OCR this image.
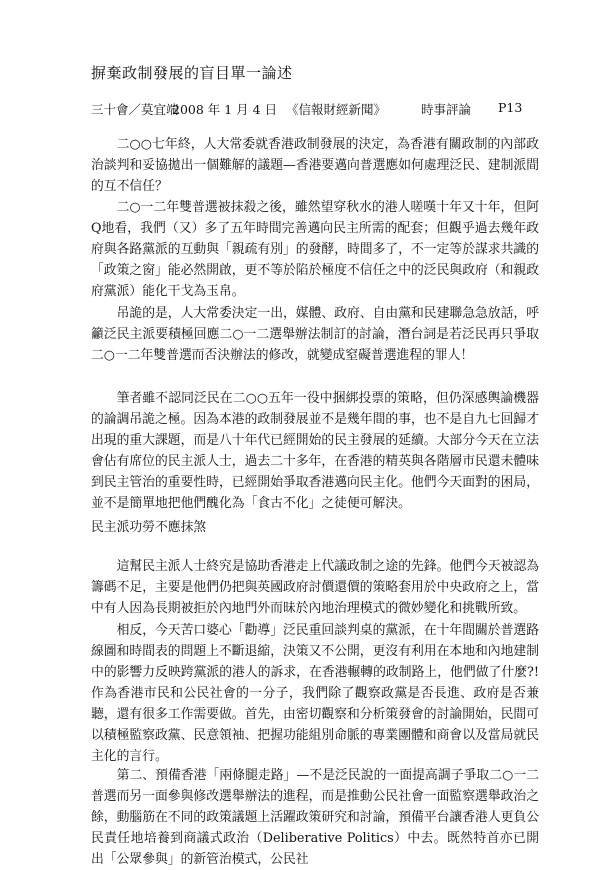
摒棄政制發展的盲目單一論述
三十會／莫宜端
2008 年 1 月 4 日 《信報財經新聞》	時事評論 P13

二○○七年終，人大常委就香港政制發展的決定，為香港有關政制的內部政治談判和妥協拋出一個難解的議題—香港要邁向普選應如何處理泛民、建制派間的互不信任？

二○一二年雙普選被抹殺之後，雖然望穿秋水的港人嗟嘆十年又十年，但阿Q地看，我們（又）多了五年時間完善邁向民主所需的配套；但觀乎過去幾年政府與各路黨派的互動與「親疏有別」的發酵，時間多了，不一定等於謀求共識的「政策之窗」能必然開啟，更不等於陷於極度不信任之中的泛民與政府（和親政府黨派）能化干戈為玉帛。

吊詭的是，人大常委決定一出，媒體、政府、自由黨和民建聯急急放話，呼籲泛民主派要積極回應二○一二選舉辦法制訂的討論，潛台詞是若泛民再只爭取二○一二年雙普選而否決辦法的修改，就變成窒礙普選進程的罪人！

筆者雖不認同泛民在二○○五年一役中捆綁投票的策略，但仍深感輿論機器的論調吊詭之極。因為本港的政制發展並不是幾年間的事，也不是自九七回歸才出現的重大課題，而是八十年代已經開始的民主發展的延續。大部分今天在立法會佔有席位的民主派人士，過去二十多年，在香港的精英與各階層市民還未體味到民主管治的重要性時，已經開始爭取香港邁向民主化。他們今天面對的困局，並不是簡單地把他們醜化為「食古不化」之徒便可解決。

民主派功勞不應抹煞

這幫民主派人士終究是協助香港走上代議政制之途的先鋒。他們今天被認為籌碼不足，主要是他們仍把與英國政府討價還價的策略套用於中央政府之上，當中有人因為長期被拒於內地門外而昧於內地治理模式的微妙變化和挑戰所致。

相反，今天苦口婆心「勸導」泛民重回談判桌的黨派，在十年間關於普選路線圖和時間表的問題上不斷退縮，決策又不公開，更沒有利用在本地和內地建制中的影響力反映跨黨派的港人的訴求，在香港輾轉的政制路上，他們做了什麼?!　　作為香港市民和公民社會的一分子，我們除了觀察政黨是否長進、政府是否兼聽，還有很多工作需要做。首先，由密切觀察和分析策發會的討論開始，民間可以積極監察政黨、民意領袖、把握功能組別命脈的專業團體和商會以及當局就民主化的言行。

第二、預備香港「兩條腿走路」—不是泛民說的一面提高調子爭取二○一二普選而另一面參與修改選舉辦法的進程，而是推動公民社會一面監察選舉政治之餘，動腦筋在不同的政策議題上活躍政策研究和討論，預備平台讓香港人更負公民責任地培養到商議式政治（Deliberative Politics）中去。既然特首亦已開出「公眾參與」的新管治模式，公民社
